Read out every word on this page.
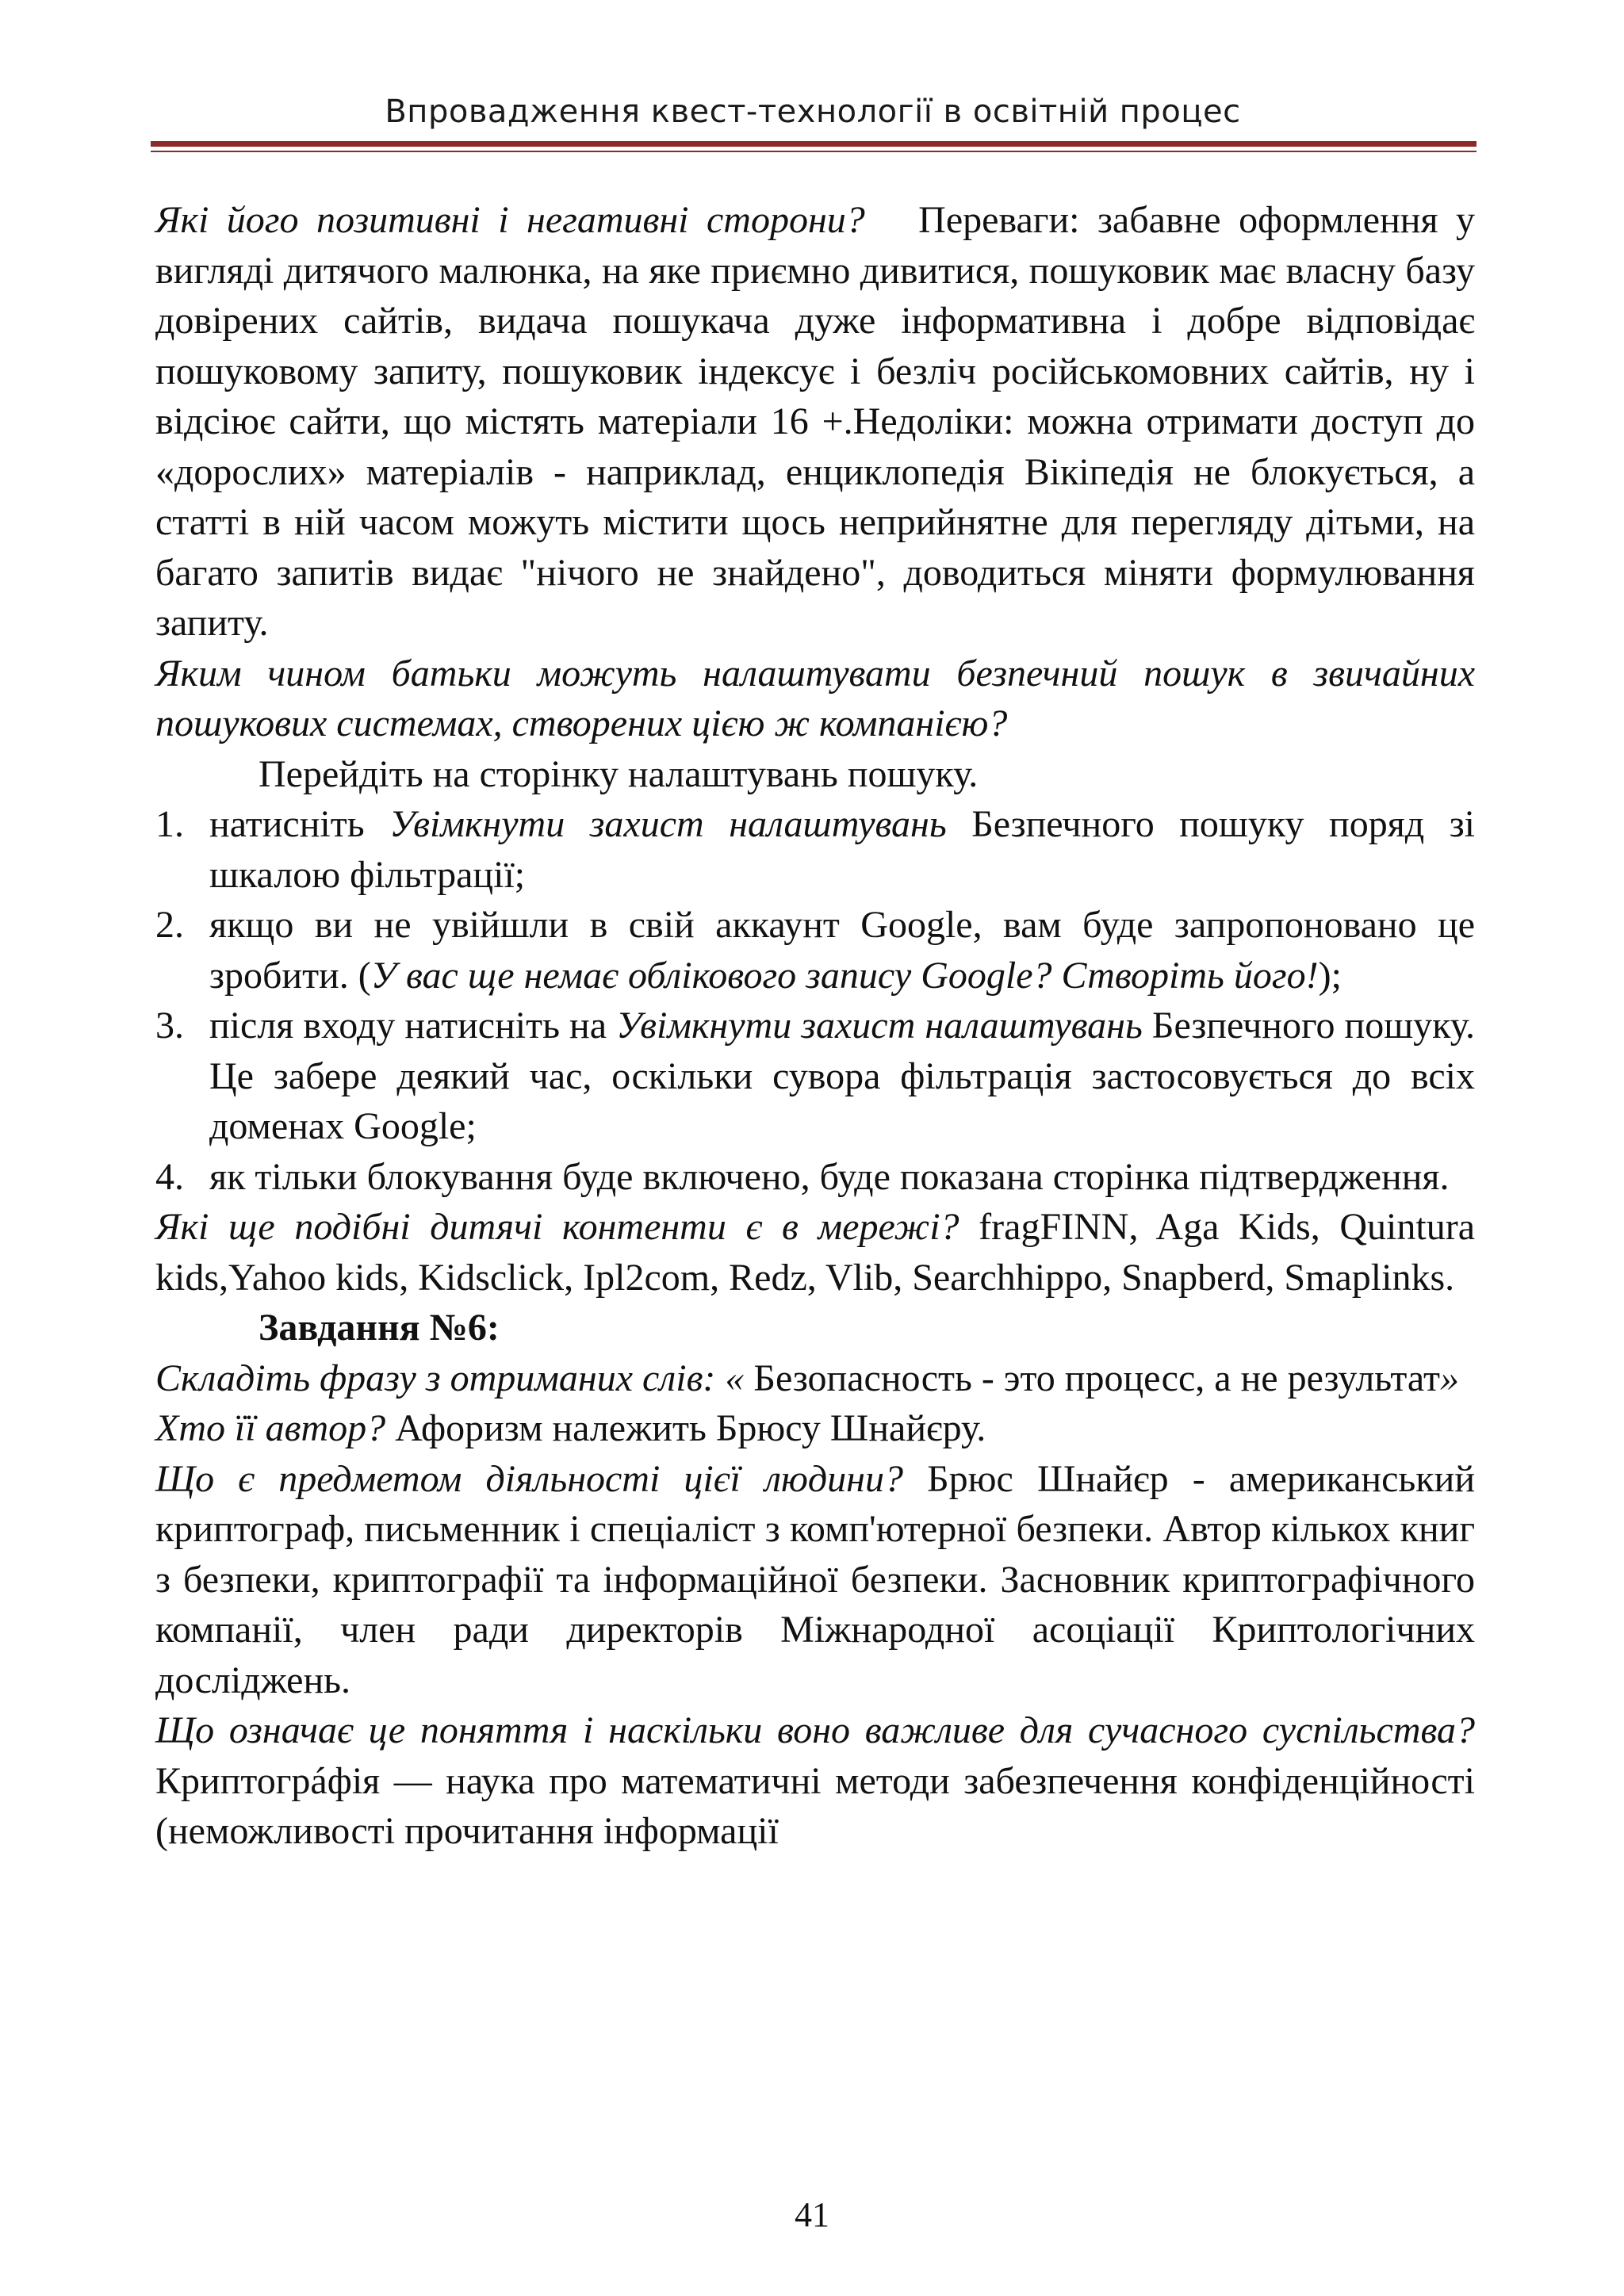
Впровадження квест-технології в освітній процес

Які його позитивні і негативні сторони? Переваги: забавне оформлення у вигляді дитячого малюнка, на яке приємно дивитися, пошуковик має власну базу довірених сайтів, видача пошукача дуже інформативна і добре відповідає пошуковому запиту, пошуковик індексує і безліч російськомовних сайтів, ну і відсіює сайти, що містять матеріали 16 +.Недоліки: можна отримати доступ до «дорослих» матеріалів - наприклад, енциклопедія Вікіпедія не блокується, а статті в ній часом можуть містити щось неприйнятне для перегляду дітьми, на багато запитів видає "нічого не знайдено", доводиться міняти формулювання запиту.

Яким чином батьки можуть налаштувати безпечний пошук в звичайних пошукових системах, створених цією ж компанією?

Перейдіть на сторінку налаштувань пошуку.

1. натисніть Увімкнути захист налаштувань Безпечного пошуку поряд зі шкалою фільтрації;
2. якщо ви не увійшли в свій аккаунт Google, вам буде запропоновано це зробити. (У вас ще немає облікового запису Google? Створіть його!);
3. після входу натисніть на Увімкнути захист налаштувань Безпечного пошуку. Це забере деякий час, оскільки сувора фільтрація застосовується до всіх доменах Google;
4. як тільки блокування буде включено, буде показана сторінка підтвердження.

Які ще подібні дитячі контенти є в мережі? fragFINN, Aga Kids, Quintura kids,Yahoo kids, Kidsclick, Ipl2com, Redz, Vlib, Searchhippo, Snapberd, Smaplinks.

Завдання №6:

Складіть фразу з отриманих слів: « Безопасность - это процесс, а не результат»

Хто її автор? Афоризм належить Брюсу Шнайєру.

Що є предметом діяльності цієї людини? Брюс Шнайєр - американський криптограф, письменник і спеціаліст з комп'ютерної безпеки. Автор кількох книг з безпеки, криптографії та інформаційної безпеки. Засновник криптографічного компанії, член ради директорів Міжнародної асоціації Криптологічних досліджень.

Що означає це поняття і наскільки воно важливе для сучасного суспільства? Криптогрáфія — наука про математичні методи забезпечення конфіденційності (неможливості прочитання інформації

41
